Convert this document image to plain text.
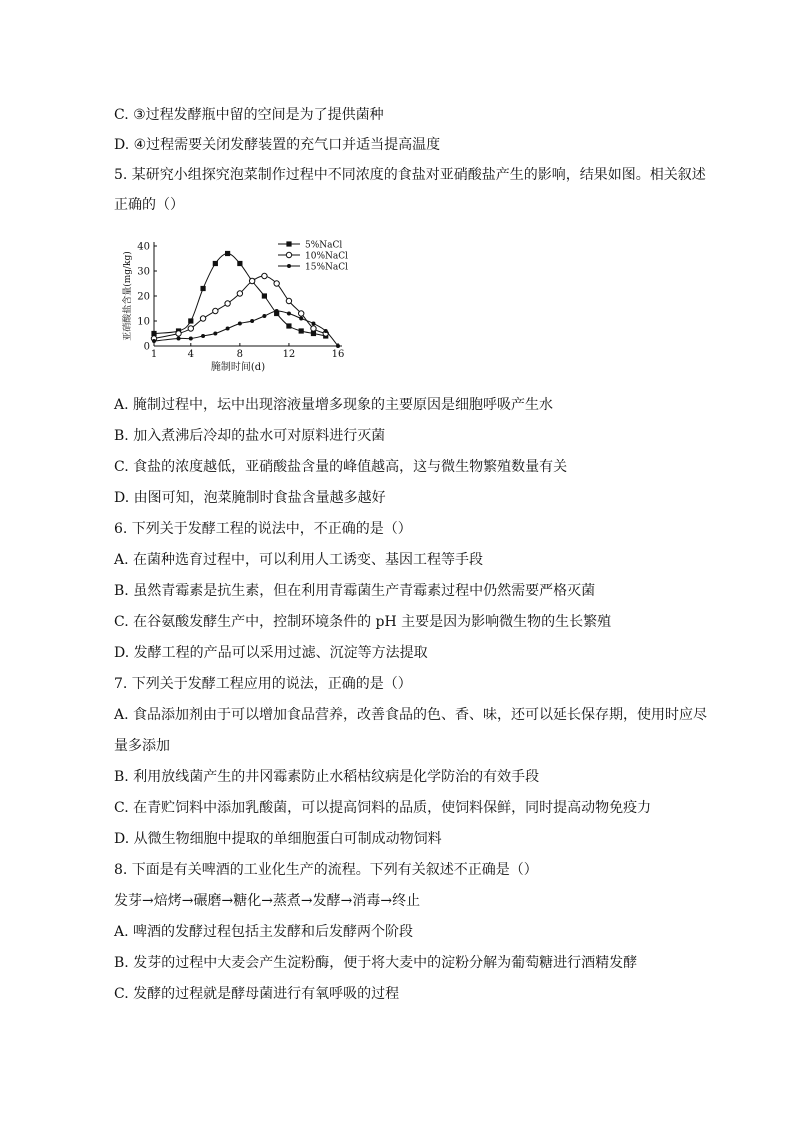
C. ③过程发酵瓶中留的空间是为了提供菌种
D. ④过程需要关闭发酵装置的充气口并适当提高温度
5. 某研究小组探究泡菜制作过程中不同浓度的食盐对亚硝酸盐产生的影响，结果如图。相关叙述
正确的（）
0
10
20
30
40
1	4	8	12	16
腌制时间(d)
亚硝酸盐含量(mg/kg)
5%NaCl
10%NaCl
15%NaCl
A. 腌制过程中，坛中出现溶液量增多现象的主要原因是细胞呼吸产生水
B. 加入煮沸后冷却的盐水可对原料进行灭菌
C. 食盐的浓度越低，亚硝酸盐含量的峰值越高，这与微生物繁殖数量有关
D. 由图可知，泡菜腌制时食盐含量越多越好
6. 下列关于发酵工程的说法中，不正确的是（）
A. 在菌种选育过程中，可以利用人工诱变、基因工程等手段
B. 虽然青霉素是抗生素，但在利用青霉菌生产青霉素过程中仍然需要严格灭菌
C. 在谷氨酸发酵生产中，控制环境条件的 pH 主要是因为影响微生物的生长繁殖
D. 发酵工程的产品可以采用过滤、沉淀等方法提取
7. 下列关于发酵工程应用的说法，正确的是（）
A. 食品添加剂由于可以增加食品营养，改善食品的色、香、味，还可以延长保存期，使用时应尽
量多添加
B. 利用放线菌产生的井冈霉素防止水稻枯纹病是化学防治的有效手段
C. 在青贮饲料中添加乳酸菌，可以提高饲料的品质，使饲料保鲜，同时提高动物免疫力
D. 从微生物细胞中提取的单细胞蛋白可制成动物饲料
8. 下面是有关啤酒的工业化生产的流程。下列有关叙述不正确是（）
发芽→焙烤→碾磨→糖化→蒸煮→发酵→消毒→终止
A. 啤酒的发酵过程包括主发酵和后发酵两个阶段
B. 发芽的过程中大麦会产生淀粉酶，便于将大麦中的淀粉分解为葡萄糖进行酒精发酵
C. 发酵的过程就是酵母菌进行有氧呼吸的过程
